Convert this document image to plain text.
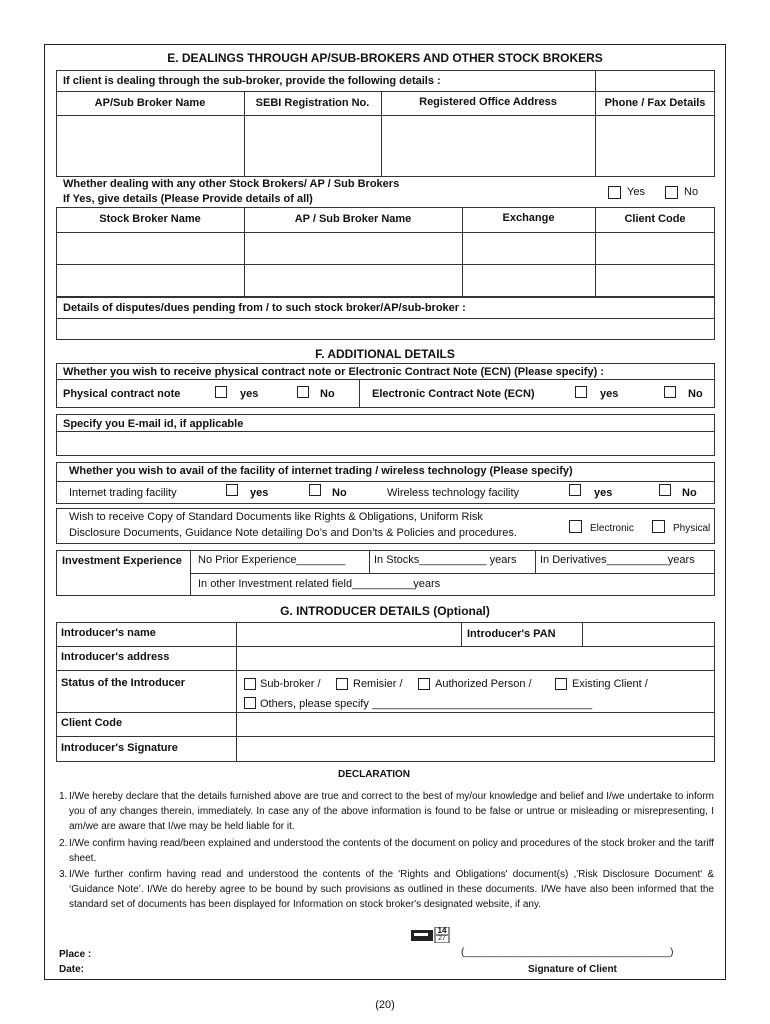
E. DEALINGS THROUGH AP/SUB-BROKERS AND OTHER STOCK BROKERS
If client is dealing through the sub-broker, provide the following details :
AP/Sub Broker Name	SEBI Registration No.	Registered Office Address	Phone / Fax Details
Whether dealing with any other Stock Brokers/ AP / Sub Brokers
If Yes, give details (Please Provide details of all)
Yes	No
Stock Broker Name	AP / Sub Broker Name	Exchange	Client Code
Details of disputes/dues pending from / to such stock broker/AP/sub-broker :
F. ADDITIONAL DETAILS
Whether you wish to receive physical contract note or Electronic Contract Note (ECN) (Please specify) :
Physical contract note	yes	No	Electronic Contract Note (ECN)	yes	No
Specify you E-mail id, if applicable
Whether you wish to avail of the facility of internet trading / wireless technology (Please specify)
Internet trading facility	yes	No	Wireless technology facility	yes	No
Wish to receive Copy of Standard Documents like Rights & Obligations, Uniform Risk
Disclosure Documents, Guidance Note detailing Do’s and Don’ts & Policies and procedures.	Electronic	Physical
Investment Experience No Prior Experience________	In Stocks___________ years In Derivatives__________years
In other Investment related field__________years
G. INTRODUCER DETAILS (Optional)
Introducer's name	Introducer's PAN
Introducer's address
Status of the Introducer	Sub-broker /	Remisier /	Authorized Person /	Existing Client /
Others, please specify ____________________________________
Client Code
Introducer's Signature
DECLARATION
1. I/We hereby declare that the details furnished above are true and correct to the best of my/our knowledge and belief and I/we undertake to inform you of any changes therein, immediately. In case any of the above information is found to be false or untrue or misleading or misrepresenting, I am/we are aware that I/we may be held liable for it.
2. I/We confirm having read/been explained and understood the contents of the document on policy and procedures of the stock broker and the tariff sheet.
3. I/We further confirm having read and understood the contents of the 'Rights and Obligations' document(s) ,'Risk Disclosure Document' & ‘Guidance Note’. I/We do hereby agree to be bound by such provisions as outlined in these documents. I/We have also been informed that the standard set of documents has been displayed for Information on stock broker's designated website, if any.
14
27
Place :
Date:
(_____________________________________)
Signature of Client
(20)
